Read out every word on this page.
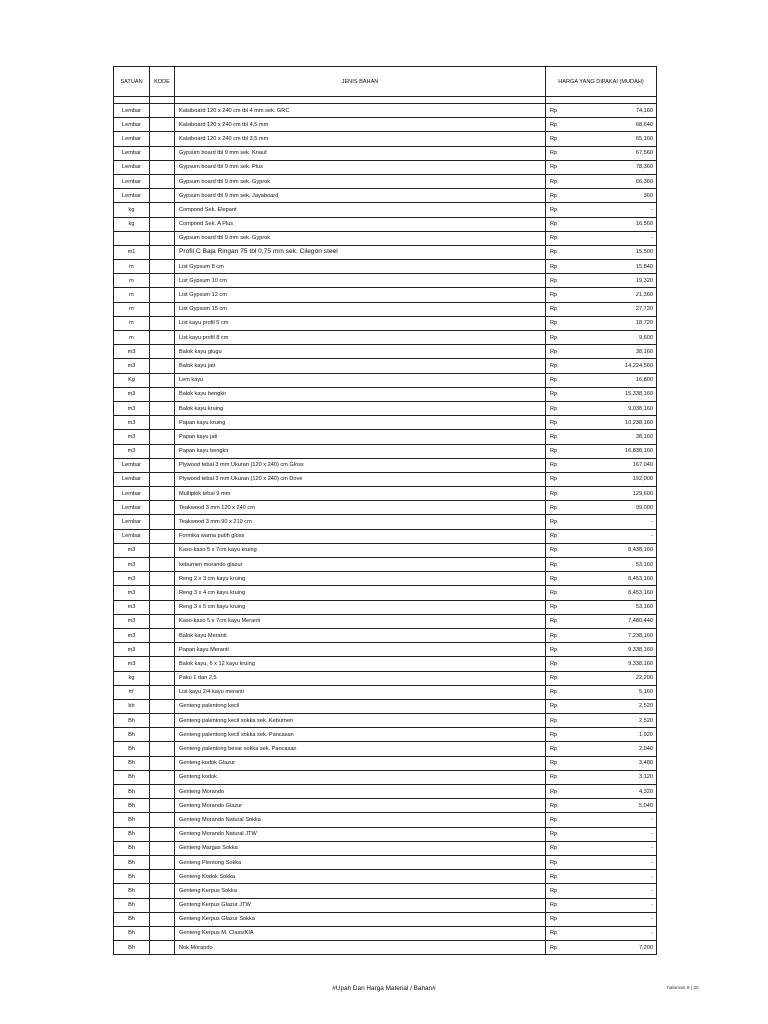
SATUAN	KODE	JENIS BAHAN	HARGA YANG DIPAKAI (MUDAH)

Lembar		Kalsiboard 120 x 240 cm tbl 4 mm sek. GRC	Rp 74,160

Lembar		Kalsiboard 120 x 240 cm tbl 4,5 mm	Rp 68,640

Lembar		Kalsiboard 120 x 240 cm tbl 3,5 mm	Rp 65,160

Lembar		Gypsum board tbl 9 mm sek. Knauf	Rp 67,560

Lembar		Gypsum board tbl 9 mm sek. Plus	Rp 78,360

Lembar		Gypsum board tbl 9 mm sek. Gyprok	Rp 66,360

Lembar		Gypsum board tbl 9 mm sek. Jayaboard	Rp 360

kg		Compond Sek. Elepant	Rp -

kg		Compond Sek. A Plus	Rp 16,560

		Gypsum board tbl 9 mm sek. Gyprok	Rp -

m1		Profil C Baja Ringan 75 tbl 0,75 mm sek. Cilegon steel	Rp 15,500

m		List Gypsum 8 cm	Rp 15,840

m		List Gypsum 10 cm	Rp 19,320

m		List Gypsum 12 cm	Rp 21,360

m		List Gypsum 15 cm	Rp 27,720

m		List kayu profil 5 cm	Rp 18,720

m		List kayu profil 8 cm	Rp 9,600

m3		Balok kayu glugu	Rp 38,160

m3		Balok kayu jati	Rp 14,224,560

Kg		Lem kayu	Rp 16,800

m3		Balok kayu bengkir	Rp 15,338,160

m3		Balok kayu kruing	Rp 9,038,160

m3		Papan kayu kruing	Rp 10,238,160

m3		Papan kayu jati	Rp 38,160

m3		Papan kayu bengkir	Rp 16,838,160

Lembar		Plywood tebal 3 mm Ukuran (120 x 240) cm Gloss	Rp 167,040

Lembar		Plywood tebal 3 mm Ukuran (120 x 240) cm Dove	Rp 192,000

Lembar		Multiplek tebal 9 mm	Rp 129,600

Lembar		Teakwood 3 mm 120 x 240 cm	Rp 99,000

Lembar		Teakwood 3 mm 90 x 210 cm	Rp -

Lembar		Formika warna putih gloss	Rp -

m3		Kaso-kaso 5 x 7cm kayu kruing	Rp 8,438,160

m3		kebumen morando glazur	Rp 53,160

m3		Reng 2 x 3 cm kayu kruing	Rp 8,453,160

m3		Reng 3 x 4 cm kayu kruing	Rp 8,453,160

m3		Reng 3 x 5 cm kayu kruing	Rp 53,160

m3		Kaso-kaso 5 x 7cm kayu Meranti	Rp 7,480,440

m3		Balok kayu Meranti	Rp 7,238,160

m3		Papan kayu Meranti	Rp 9,338,160

m3		Balok kayu, 6 x 12 kayu kruing	Rp 9,338,160

kg		Paku 1 dan 2,5	Rp 22,200

m'		List kayu 2/4 kayu meranti	Rp 5,160

bh		Genteng palentong kecil	Rp 2,520

Bh		Genteng palentong kecil sokka sek. Keburnen	Rp 2,520

Bh		Genteng palentong kecil sokka sek. Pancasan	Rp 1,920

Bh		Genteng palentong besar sokka sek. Pancasan	Rp 2,040

Bh		Genteng kodok Glazur	Rp 3,480

Bh		Genteng kodok	Rp 3,120

Bh		Genteng Morando	Rp 4,320

Bh		Genteng Morando Glazur	Rp 5,040

Bh		Genteng Morando Natural Sokka	Rp -

Bh		Genteng Morando Natural JTW	Rp -

Bh		Genteng Margas Sokka	Rp -

Bh		Genteng Plentong Sokka	Rp -

Bh		Genteng Kodok Sokka	Rp -

Bh		Genteng Kerpus Sokka	Rp -

Bh		Genteng Kerpus Glazur JTW	Rp -

Bh		Genteng Kerpus Glazur Sokka	Rp -

Bh		Genteng Kerpus M. Class/KIA	Rp -

Bh		Nok Morando	Rp 7,200
#Upah Dan Harga Material / Bahan#	halaman 9 | 20
